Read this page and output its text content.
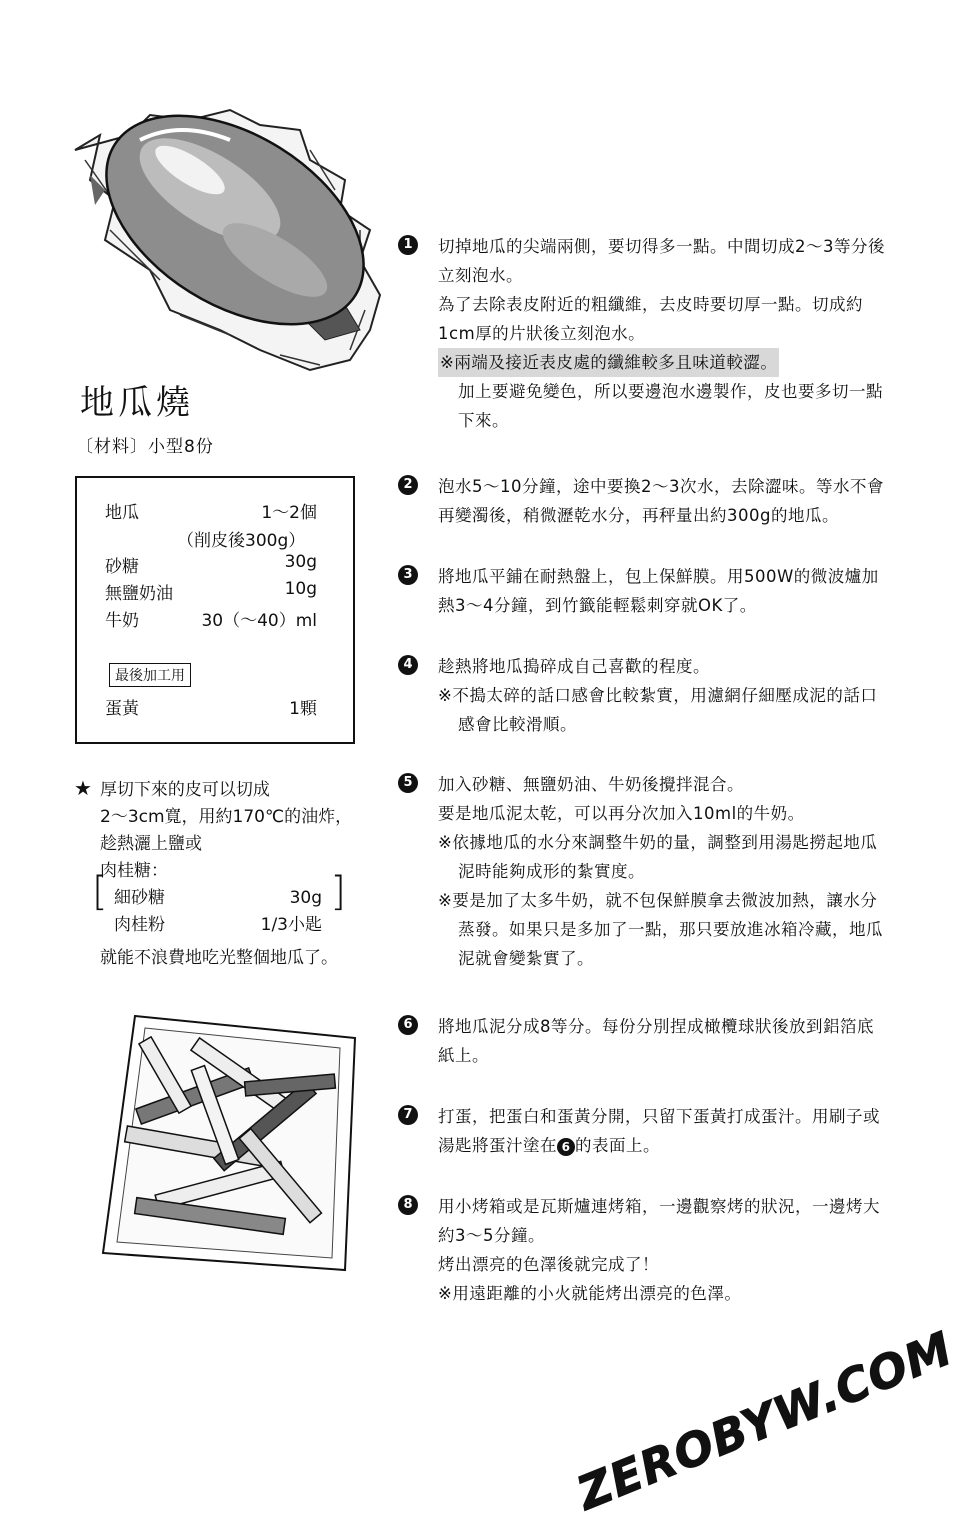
地瓜燒
〔材料〕小型8份
地瓜	1〜2個
（削皮後300g）
砂糖	30g
無鹽奶油	10g
牛奶	30（〜40）ml
最後加工用
蛋黃	1顆
★ 厚切下來的皮可以切成
2〜3cm寬，用約170℃的油炸，
趁熱灑上鹽或
肉桂糖：
[	]
細砂糖	30g
肉桂粉	1/3小匙
就能不浪費地吃光整個地瓜了。
1	切掉地瓜的尖端兩側，要切得多一點。中間切成2〜3等分後
立刻泡水。
為了去除表皮附近的粗纖維，去皮時要切厚一點。切成約
1cm厚的片狀後立刻泡水。
※兩端及接近表皮處的纖維較多且味道較澀。
加上要避免變色，所以要邊泡水邊製作，皮也要多切一點
下來。
2	泡水5〜10分鐘，途中要換2〜3次水，去除澀味。等水不會
再變濁後，稍微瀝乾水分，再秤量出約300g的地瓜。
3	將地瓜平鋪在耐熱盤上，包上保鮮膜。用500W的微波爐加
熱3〜4分鐘，到竹籤能輕鬆刺穿就OK了。
4	趁熱將地瓜搗碎成自己喜歡的程度。
※不搗太碎的話口感會比較紮實，用濾網仔細壓成泥的話口
感會比較滑順。
5	加入砂糖、無鹽奶油、牛奶後攪拌混合。
要是地瓜泥太乾，可以再分次加入10ml的牛奶。
※依據地瓜的水分來調整牛奶的量，調整到用湯匙撈起地瓜
泥時能夠成形的紮實度。
※要是加了太多牛奶，就不包保鮮膜拿去微波加熱，讓水分
蒸發。如果只是多加了一點，那只要放進冰箱冷藏，地瓜
泥就會變紮實了。
6	將地瓜泥分成8等分。每份分別捏成橄欖球狀後放到鋁箔底
紙上。
7	打蛋，把蛋白和蛋黃分開，只留下蛋黃打成蛋汁。用刷子或
湯匙將蛋汁塗在 6 的表面上。
8	用小烤箱或是瓦斯爐連烤箱，一邊觀察烤的狀況，一邊烤大
約3〜5分鐘。
烤出漂亮的色澤後就完成了！
※用遠距離的小火就能烤出漂亮的色澤。
ZEROBYW.COM
